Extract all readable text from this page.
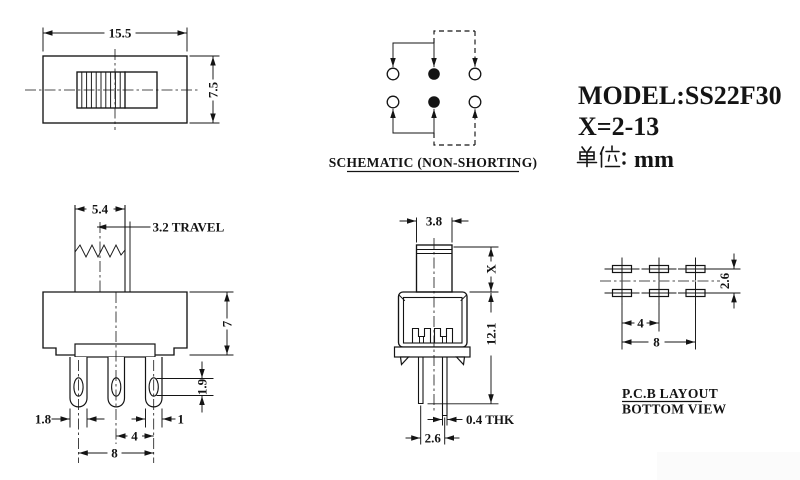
15.5
7.5
SCHEMATIC (NON-SHORTING)
MODEL:SS22F30
X=2-13
mm
5.4
3.2 TRAVEL
7
1.9
1.8	1
4
8
3.8
X
12.1
0.4 THK
2.6
4
8
2.6
P.C.B LAYOUT
BOTTOM VIEW
